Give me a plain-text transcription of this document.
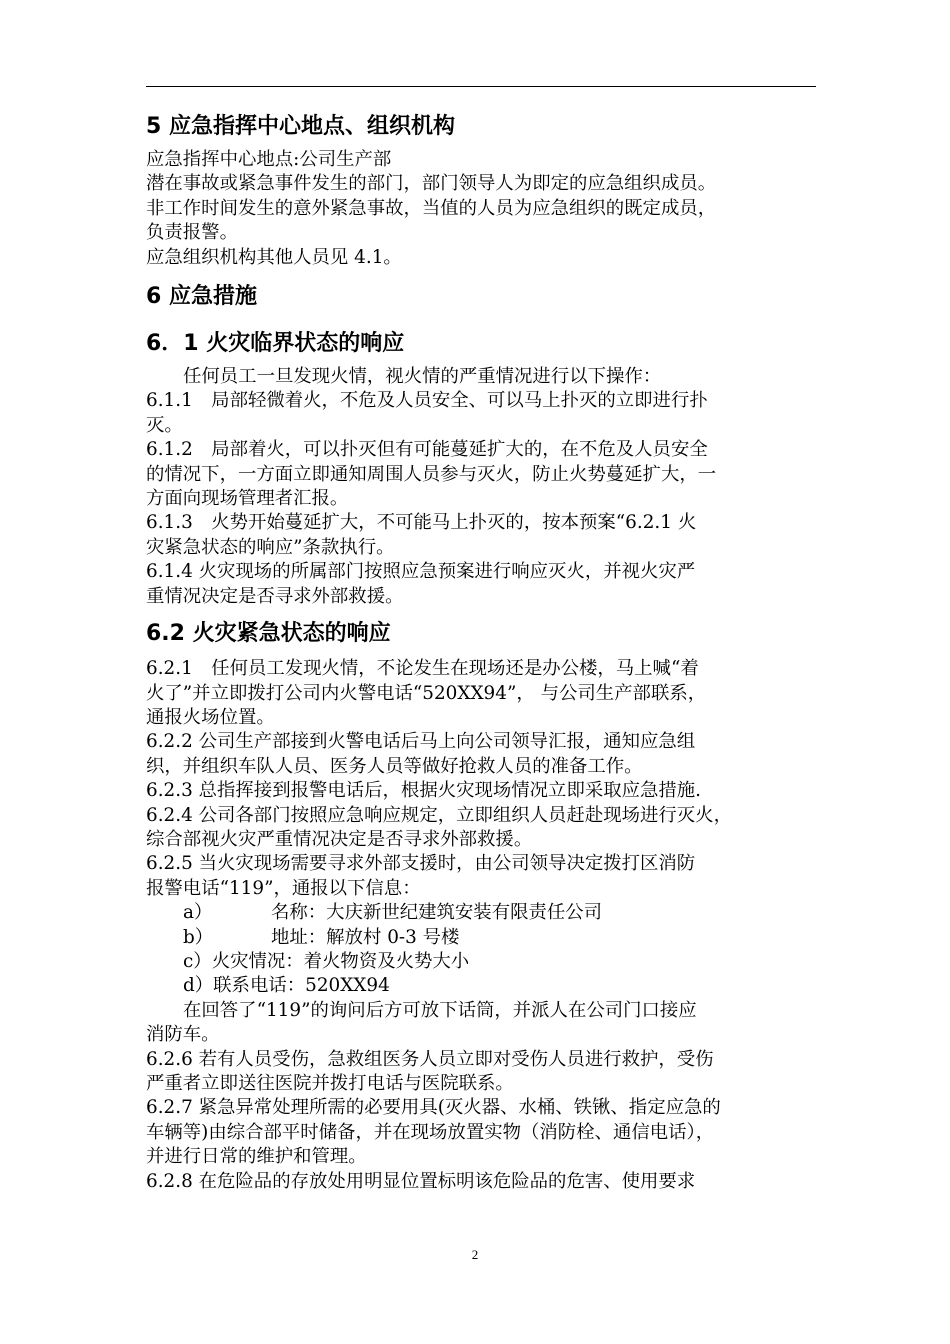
5 应急指挥中心地点、组织机构

应急指挥中心地点:公司生产部

潜在事故或紧急事件发生的部门，部门领导人为即定的应急组织成员。

非工作时间发生的意外紧急事故，当值的人员为应急组织的既定成员，

负责报警。

应急组织机构其他人员见 4.1。

6 应急措施
6．1 火灾临界状态的响应

任何员工一旦发现火情，视火情的严重情况进行以下操作：

6.1.1　局部轻微着火，不危及人员安全、可以马上扑灭的立即进行扑

灭。

6.1.2　局部着火，可以扑灭但有可能蔓延扩大的，在不危及人员安全

的情况下，一方面立即通知周围人员参与灭火，防止火势蔓延扩大，一

方面向现场管理者汇报。

6.1.3　火势开始蔓延扩大，不可能马上扑灭的，按本预案“6.2.1 火

灾紧急状态的响应”条款执行。

6.1.4 火灾现场的所属部门按照应急预案进行响应灭火，并视火灾严

重情况决定是否寻求外部救援。

6.2 火灾紧急状态的响应

6.2.1　任何员工发现火情，不论发生在现场还是办公楼，马上喊“着

火了”并立即拨打公司内火警电话“520XX94”， 与公司生产部联系，

通报火场位置。

6.2.2 公司生产部接到火警电话后马上向公司领导汇报，通知应急组

织，并组织车队人员、医务人员等做好抢救人员的准备工作。

6.2.3 总指挥接到报警电话后，根据火灾现场情况立即采取应急措施.

6.2.4 公司各部门按照应急响应规定，立即组织人员赶赴现场进行灭火，

综合部视火灾严重情况决定是否寻求外部救援。

6.2.5 当火灾现场需要寻求外部支援时，由公司领导决定拨打区消防

报警电话“119”，通报以下信息：

a）	名称：大庆新世纪建筑安装有限责任公司

b）	地址：解放村 0-3 号楼

c）火灾情况：着火物资及火势大小

d）联系电话：520XX94

在回答了“119”的询问后方可放下话筒，并派人在公司门口接应

消防车。

6.2.6 若有人员受伤，急救组医务人员立即对受伤人员进行救护，受伤

严重者立即送往医院并拨打电话与医院联系。

6.2.7 紧急异常处理所需的必要用具(灭火器、水桶、铁锹、指定应急的

车辆等)由综合部平时储备，并在现场放置实物（消防栓、通信电话），

并进行日常的维护和管理。

6.2.8 在危险品的存放处用明显位置标明该危险品的危害、使用要求

2
